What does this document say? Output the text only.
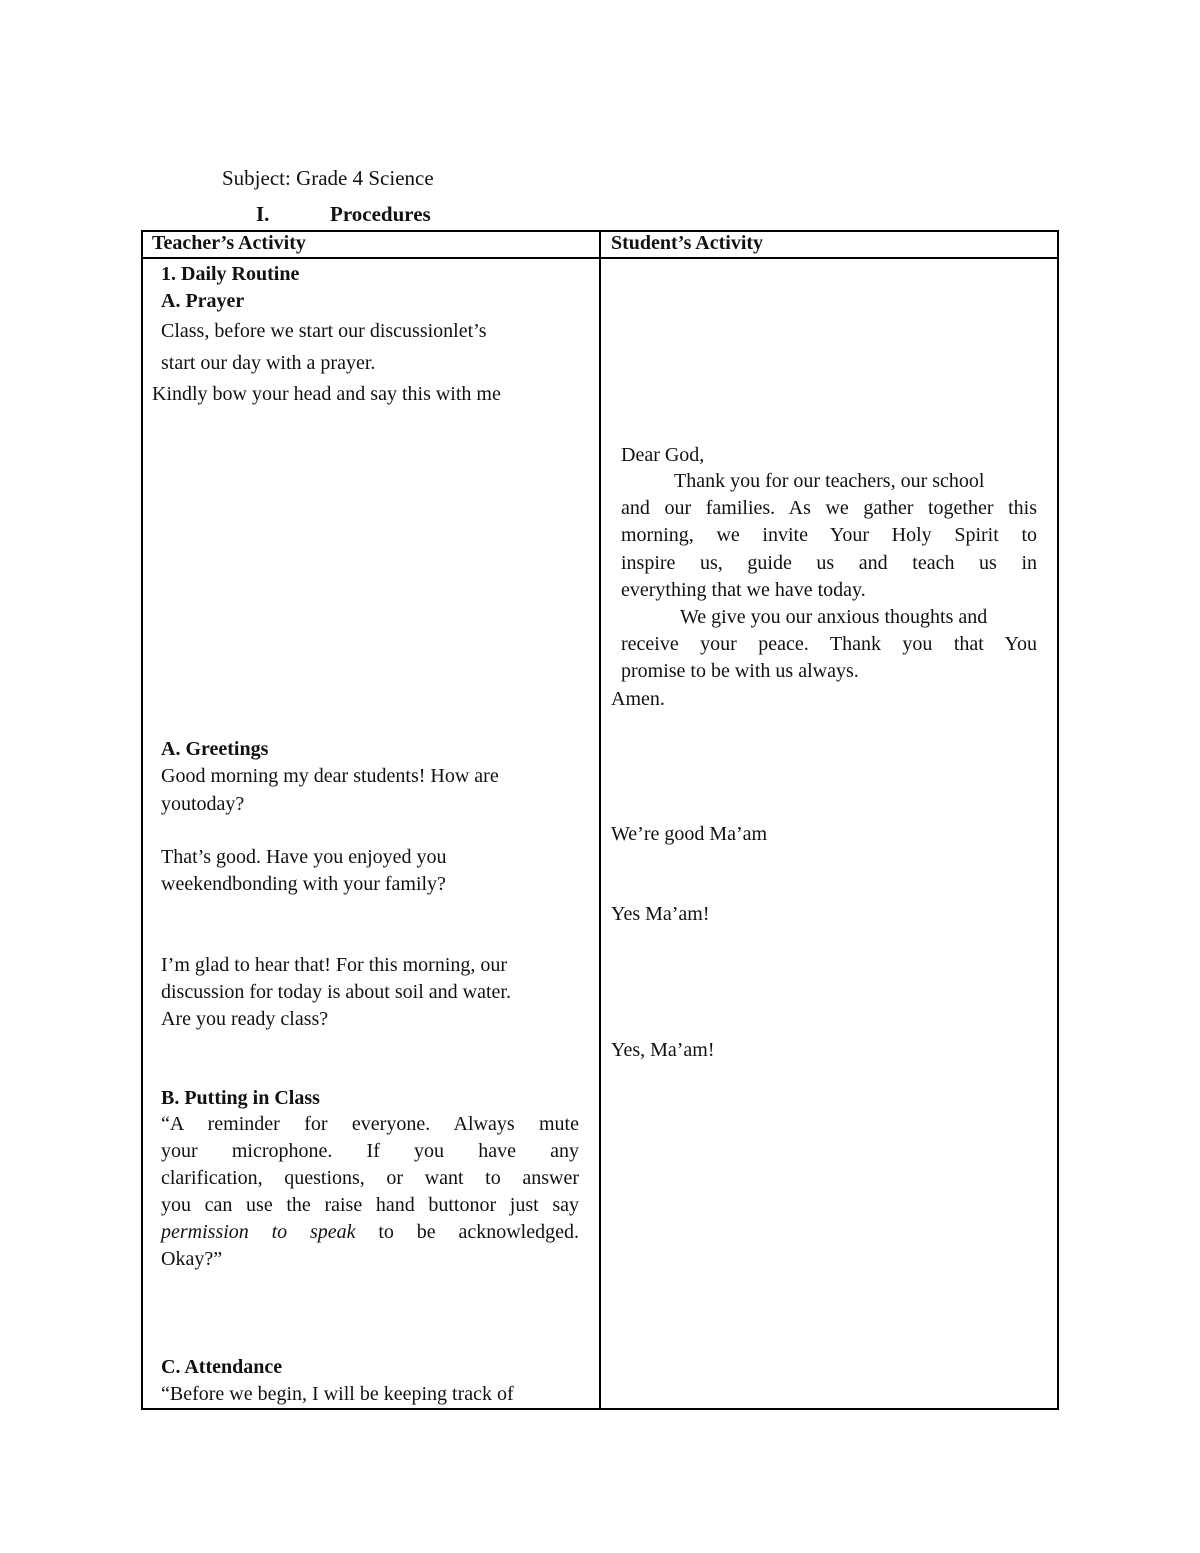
Subject: Grade 4 Science
I.	Procedures
Teacher’s Activity	Student’s Activity
1. Daily Routine
A. Prayer
Class, before we start our discussionlet’s
start our day with a prayer.
Kindly bow your head and say this with me
A. Greetings
Good morning my dear students! How are
youtoday?
That’s good. Have you enjoyed you
weekendbonding with your family?
I’m glad to hear that! For this morning, our
discussion for today is about soil and water.
Are you ready class?
B. Putting in Class
“A reminder for everyone. Always mute
your microphone. If you have any
clarification, questions, or want to answer
you can use the raise hand buttonor just say
permission to speak to be acknowledged.
Okay?”
C. Attendance
“Before we begin, I will be keeping track of
Dear God,
Thank you for our teachers, our school
and our families. As we gather together this
morning, we invite Your Holy Spirit to
inspire us, guide us and teach us in
everything that we have today.
We give you our anxious thoughts and
receive your peace. Thank you that You
promise to be with us always.
Amen.
We’re good Ma’am
Yes Ma’am!
Yes, Ma’am!
